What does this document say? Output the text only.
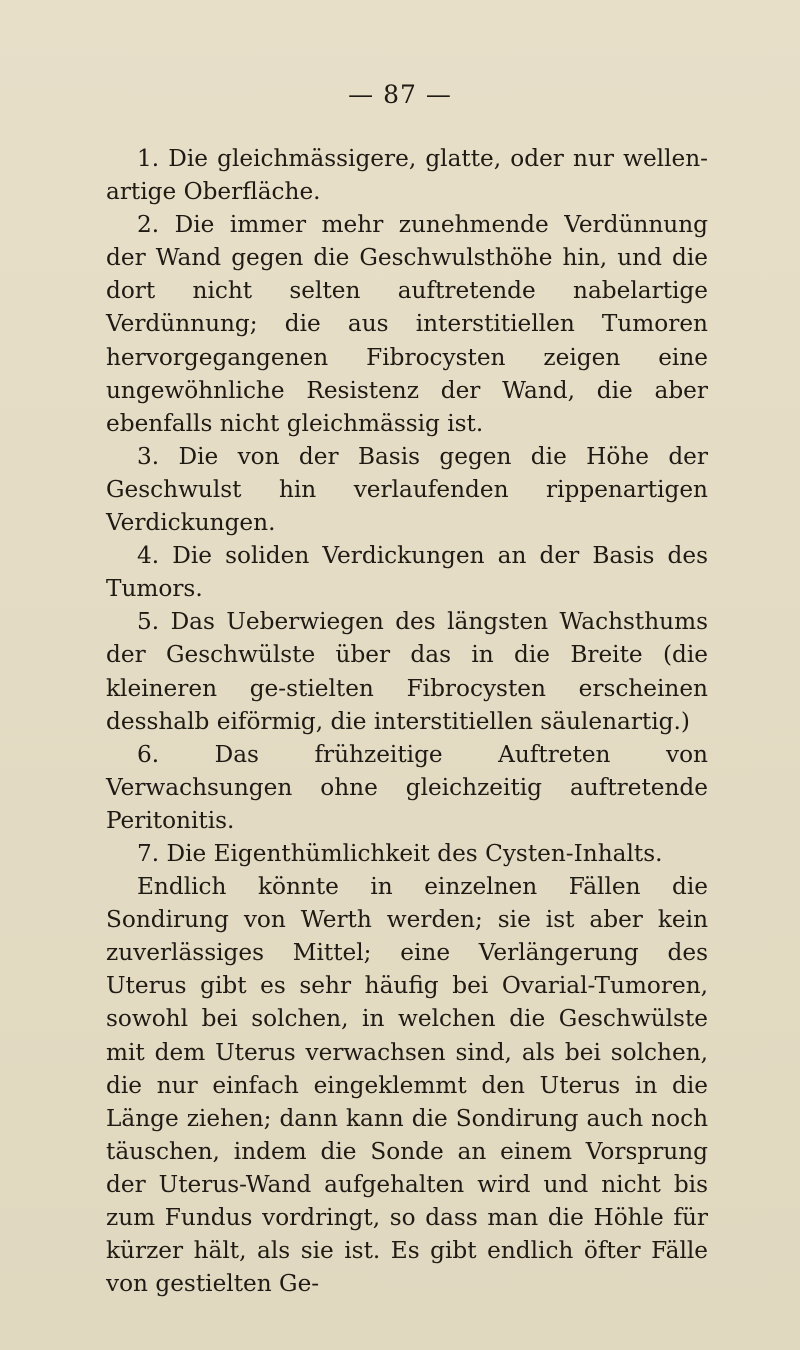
— 87 —

1. Die gleichmässigere, glatte, oder nur wellen-artige Oberfläche.

2. Die immer mehr zunehmende Verdünnung der Wand gegen die Geschwulsthöhe hin, und die dort nicht selten auftretende nabelartige Verdünnung; die aus interstitiellen Tumoren hervorgegangenen Fibrocysten zeigen eine ungewöhnliche Resistenz der Wand, die aber ebenfalls nicht gleichmässig ist.

3. Die von der Basis gegen die Höhe der Geschwulst hin verlaufenden rippenartigen Verdickungen.

4. Die soliden Verdickungen an der Basis des Tumors.

5. Das Ueberwiegen des längsten Wachsthums der Geschwülste über das in die Breite (die kleineren ge-stielten Fibrocysten erscheinen desshalb eiförmig, die interstitiellen säulenartig.)

6. Das frühzeitige Auftreten von Verwachsungen ohne gleichzeitig auftretende Peritonitis.

7. Die Eigenthümlichkeit des Cysten-Inhalts.

Endlich könnte in einzelnen Fällen die Sondirung von Werth werden; sie ist aber kein zuverlässiges Mittel; eine Verlängerung des Uterus gibt es sehr häufig bei Ovarial-Tumoren, sowohl bei solchen, in welchen die Geschwülste mit dem Uterus verwachsen sind, als bei solchen, die nur einfach eingeklemmt den Uterus in die Länge ziehen; dann kann die Sondirung auch noch täuschen, indem die Sonde an einem Vorsprung der Uterus-Wand aufgehalten wird und nicht bis zum Fundus vordringt, so dass man die Höhle für kürzer hält, als sie ist. Es gibt endlich öfter Fälle von gestielten Ge-
